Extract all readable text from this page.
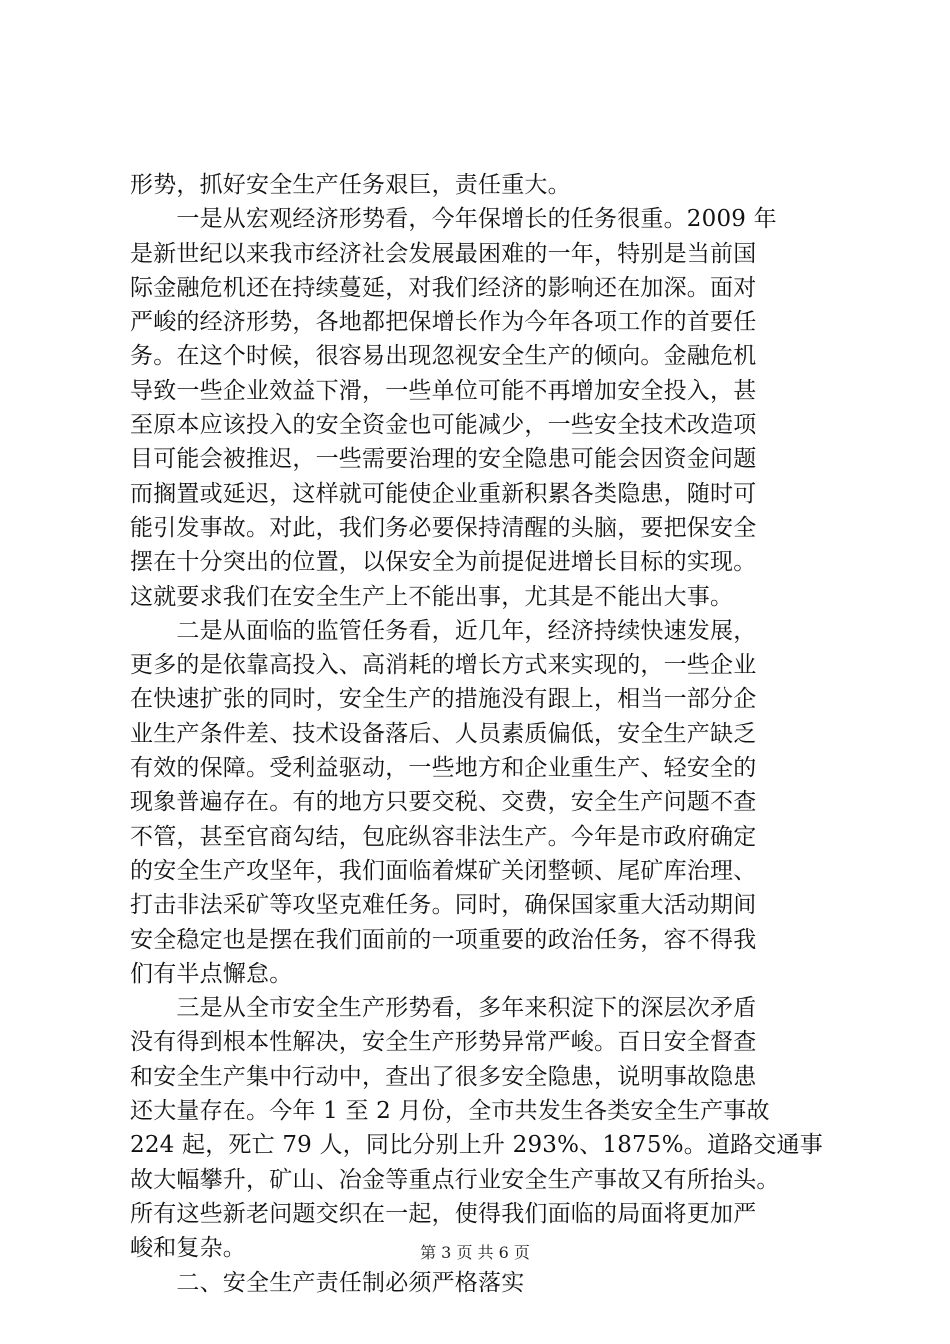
形势，抓好安全生产任务艰巨，责任重大。
　　一是从宏观经济形势看，今年保增长的任务很重。2009 年
是新世纪以来我市经济社会发展最困难的一年，特别是当前国
际金融危机还在持续蔓延，对我们经济的影响还在加深。面对
严峻的经济形势，各地都把保增长作为今年各项工作的首要任
务。在这个时候，很容易出现忽视安全生产的倾向。金融危机
导致一些企业效益下滑，一些单位可能不再增加安全投入，甚
至原本应该投入的安全资金也可能减少，一些安全技术改造项
目可能会被推迟，一些需要治理的安全隐患可能会因资金问题
而搁置或延迟，这样就可能使企业重新积累各类隐患，随时可
能引发事故。对此，我们务必要保持清醒的头脑，要把保安全
摆在十分突出的位置，以保安全为前提促进增长目标的实现。
这就要求我们在安全生产上不能出事，尤其是不能出大事。
　　二是从面临的监管任务看，近几年，经济持续快速发展，
更多的是依靠高投入、高消耗的增长方式来实现的，一些企业
在快速扩张的同时，安全生产的措施没有跟上，相当一部分企
业生产条件差、技术设备落后、人员素质偏低，安全生产缺乏
有效的保障。受利益驱动，一些地方和企业重生产、轻安全的
现象普遍存在。有的地方只要交税、交费，安全生产问题不查
不管，甚至官商勾结，包庇纵容非法生产。今年是市政府确定
的安全生产攻坚年，我们面临着煤矿关闭整顿、尾矿库治理、
打击非法采矿等攻坚克难任务。同时，确保国家重大活动期间
安全稳定也是摆在我们面前的一项重要的政治任务，容不得我
们有半点懈怠。
　　三是从全市安全生产形势看，多年来积淀下的深层次矛盾
没有得到根本性解决，安全生产形势异常严峻。百日安全督查
和安全生产集中行动中，查出了很多安全隐患，说明事故隐患
还大量存在。今年 1 至 2 月份，全市共发生各类安全生产事故
224 起，死亡 79 人，同比分别上升 293%、1875%。道路交通事
故大幅攀升，矿山、冶金等重点行业安全生产事故又有所抬头。
所有这些新老问题交织在一起，使得我们面临的局面将更加严
峻和复杂。
　　二、安全生产责任制必须严格落实
第 3 页 共 6 页
